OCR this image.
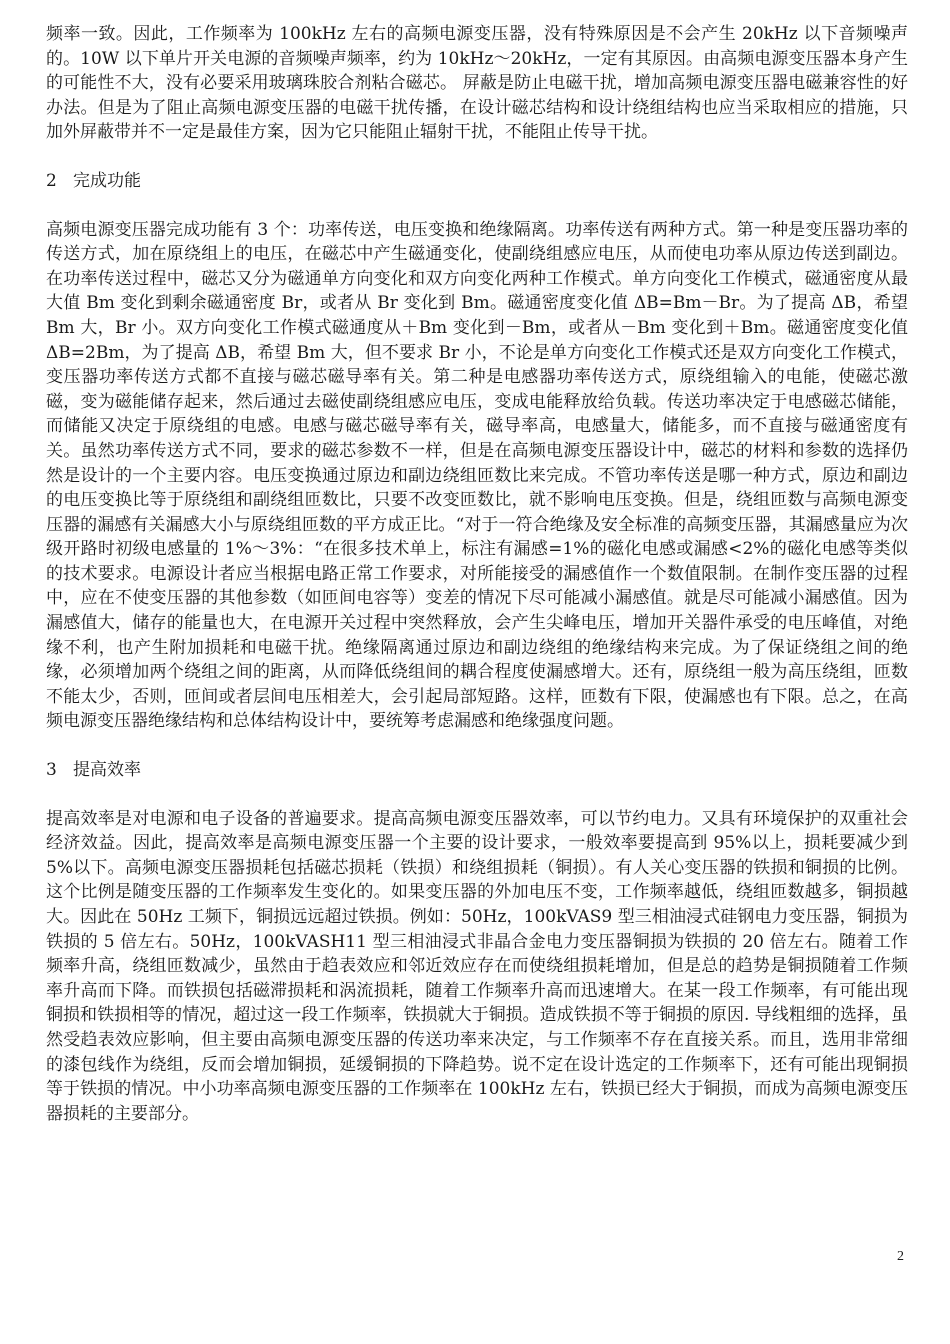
频率一致。因此，工作频率为 100kHz 左右的高频电源变压器，没有特殊原因是不会产生 20kHz 以下音频噪声的。10W 以下单片开关电源的音频噪声频率，约为 10kHz～20kHz，一定有其原因。由高频电源变压器本身产生的可能性不大，没有必要采用玻璃珠胶合剂粘合磁芯。 屏蔽是防止电磁干扰，增加高频电源变压器电磁兼容性的好办法。但是为了阻止高频电源变压器的电磁干扰传播，在设计磁芯结构和设计绕组结构也应当采取相应的措施，只加外屏蔽带并不一定是最佳方案，因为它只能阻止辐射干扰，不能阻止传导干扰。

2   完成功能

高频电源变压器完成功能有 3 个：功率传送，电压变换和绝缘隔离。功率传送有两种方式。第一种是变压器功率的传送方式，加在原绕组上的电压，在磁芯中产生磁通变化，使副绕组感应电压，从而使电功率从原边传送到副边。在功率传送过程中，磁芯又分为磁通单方向变化和双方向变化两种工作模式。单方向变化工作模式，磁通密度从最大值 Bm 变化到剩余磁通密度 Br，或者从 Br 变化到 Bm。磁通密度变化值 ΔB=Bm－Br。为了提高 ΔB，希望 Bm 大，Br 小。双方向变化工作模式磁通度从＋Bm 变化到－Bm，或者从－Bm 变化到＋Bm。磁通密度变化值 ΔB=2Bm，为了提高 ΔB，希望 Bm 大，但不要求 Br 小，不论是单方向变化工作模式还是双方向变化工作模式，变压器功率传送方式都不直接与磁芯磁导率有关。第二种是电感器功率传送方式，原绕组输入的电能，使磁芯激磁，变为磁能储存起来，然后通过去磁使副绕组感应电压，变成电能释放给负载。传送功率决定于电感磁芯储能，而储能又决定于原绕组的电感。电感与磁芯磁导率有关，磁导率高，电感量大，储能多，而不直接与磁通密度有关。虽然功率传送方式不同，要求的磁芯参数不一样，但是在高频电源变压器设计中，磁芯的材料和参数的选择仍然是设计的一个主要内容。电压变换通过原边和副边绕组匝数比来完成。不管功率传送是哪一种方式，原边和副边的电压变换比等于原绕组和副绕组匝数比，只要不改变匝数比，就不影响电压变换。但是，绕组匝数与高频电源变压器的漏感有关漏感大小与原绕组匝数的平方成正比。“对于一符合绝缘及安全标准的高频变压器，其漏感量应为次级开路时初级电感量的 1%～3%：“在很多技术单上，标注有漏感=1%的磁化电感或漏感<2%的磁化电感等类似的技术要求。电源设计者应当根据电路正常工作要求，对所能接受的漏感值作一个数值限制。在制作变压器的过程中，应在不使变压器的其他参数（如匝间电容等）变差的情况下尽可能减小漏感值。就是尽可能减小漏感值。因为漏感值大，储存的能量也大，在电源开关过程中突然释放，会产生尖峰电压，增加开关器件承受的电压峰值，对绝缘不利，也产生附加损耗和电磁干扰。绝缘隔离通过原边和副边绕组的绝缘结构来完成。为了保证绕组之间的绝缘，必须增加两个绕组之间的距离，从而降低绕组间的耦合程度使漏感增大。还有，原绕组一般为高压绕组，匝数不能太少，否则，匝间或者层间电压相差大，会引起局部短路。这样，匝数有下限，使漏感也有下限。总之，在高频电源变压器绝缘结构和总体结构设计中，要统筹考虑漏感和绝缘强度问题。

3   提高效率

提高效率是对电源和电子设备的普遍要求。提高高频电源变压器效率，可以节约电力。又具有环境保护的双重社会经济效益。因此，提高效率是高频电源变压器一个主要的设计要求，一般效率要提高到 95%以上，损耗要减少到 5%以下。高频电源变压器损耗包括磁芯损耗（铁损）和绕组损耗（铜损）。有人关心变压器的铁损和铜损的比例。这个比例是随变压器的工作频率发生变化的。如果变压器的外加电压不变，工作频率越低，绕组匝数越多，铜损越大。因此在 50Hz 工频下，铜损远远超过铁损。例如：50Hz，100kVAS9 型三相油浸式硅钢电力变压器，铜损为铁损的 5 倍左右。50Hz，100kVASH11 型三相油浸式非晶合金电力变压器铜损为铁损的 20 倍左右。随着工作频率升高，绕组匝数减少，虽然由于趋表效应和邻近效应存在而使绕组损耗增加，但是总的趋势是铜损随着工作频率升高而下降。而铁损包括磁滞损耗和涡流损耗，随着工作频率升高而迅速增大。在某一段工作频率，有可能出现铜损和铁损相等的情况，超过这一段工作频率，铁损就大于铜损。造成铁损不等于铜损的原因. 导线粗细的选择，虽然受趋表效应影响，但主要由高频电源变压器的传送功率来决定，与工作频率不存在直接关系。而且，选用非常细的漆包线作为绕组，反而会增加铜损，延缓铜损的下降趋势。说不定在设计选定的工作频率下，还有可能出现铜损等于铁损的情况。中小功率高频电源变压器的工作频率在 100kHz 左右，铁损已经大于铜损，而成为高频电源变压器损耗的主要部分。

2
